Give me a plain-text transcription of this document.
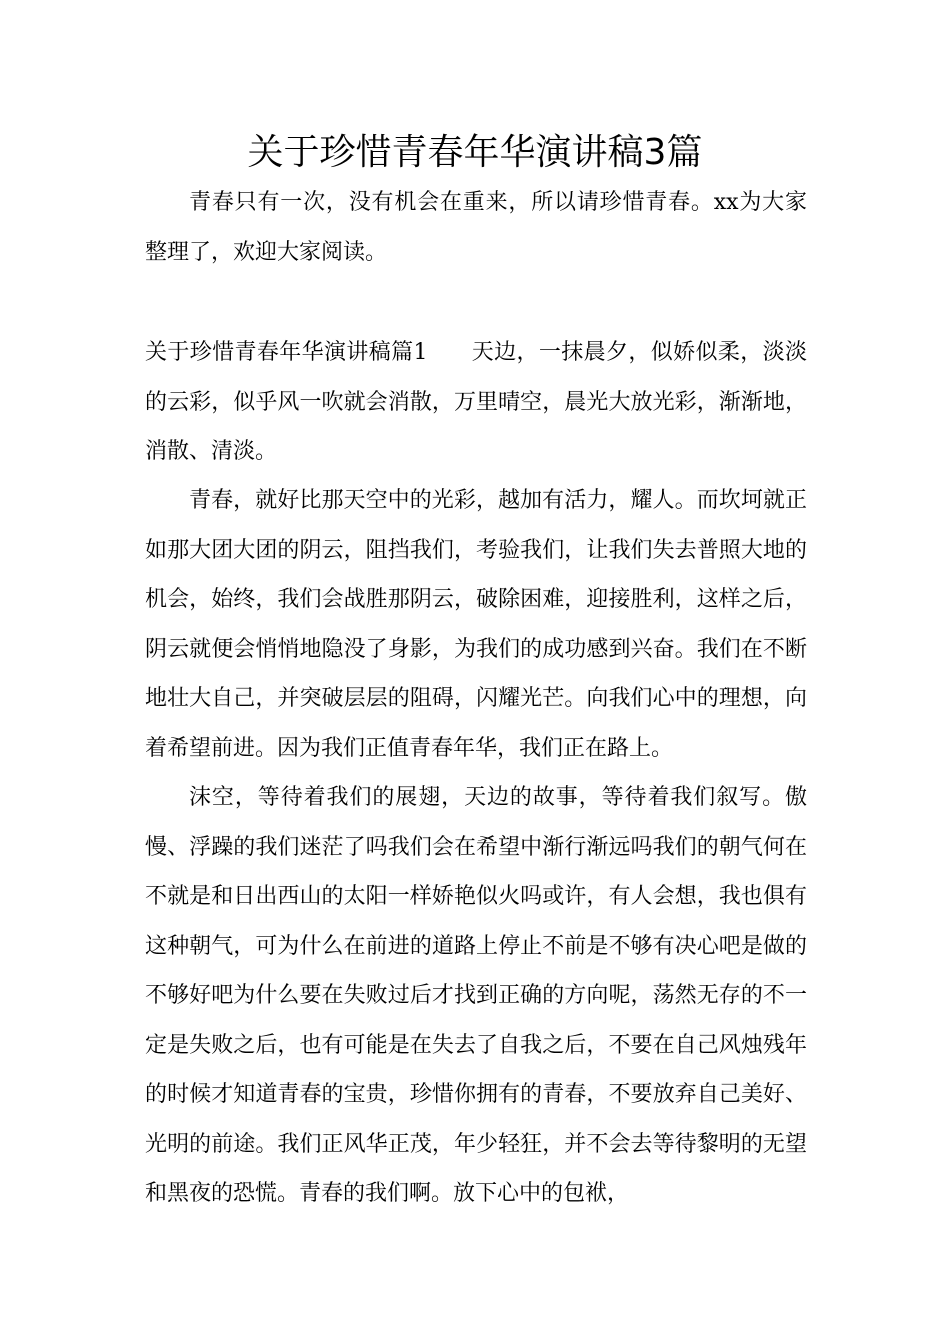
关于珍惜青春年华演讲稿3篇

青春只有一次，没有机会在重来，所以请珍惜青春。xx为大家整理了，欢迎大家阅读。

关于珍惜青春年华演讲稿篇1 天边，一抹晨夕，似娇似柔，淡淡的云彩，似乎风一吹就会消散，万里晴空，晨光大放光彩，渐渐地，消散、清淡。

青春，就好比那天空中的光彩，越加有活力，耀人。而坎坷就正如那大团大团的阴云，阻挡我们，考验我们，让我们失去普照大地的机会，始终，我们会战胜那阴云，破除困难，迎接胜利，这样之后，阴云就便会悄悄地隐没了身影，为我们的成功感到兴奋。我们在不断地壮大自己，并突破层层的阻碍，闪耀光芒。向我们心中的理想，向着希望前进。因为我们正值青春年华，我们正在路上。

沫空，等待着我们的展翅，天边的故事，等待着我们叙写。傲慢、浮躁的我们迷茫了吗我们会在希望中渐行渐远吗我们的朝气何在不就是和日出西山的太阳一样娇艳似火吗或许，有人会想，我也俱有这种朝气，可为什么在前进的道路上停止不前是不够有决心吧是做的不够好吧为什么要在失败过后才找到正确的方向呢，荡然无存的不一定是失败之后，也有可能是在失去了自我之后，不要在自己风烛残年的时候才知道青春的宝贵，珍惜你拥有的青春，不要放弃自己美好、光明的前途。我们正风华正茂，年少轻狂，并不会去等待黎明的无望和黑夜的恐慌。青春的我们啊。放下心中的包袱，
